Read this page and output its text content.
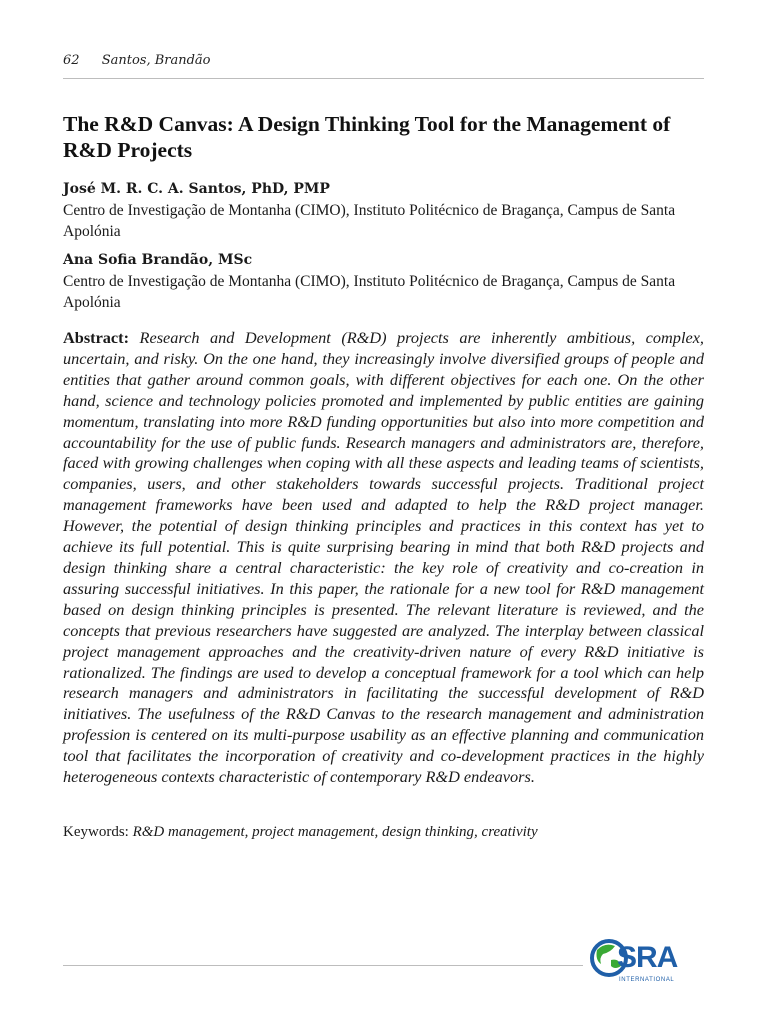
62 Santos, Brandão
The R&D Canvas: A Design Thinking Tool for the Management of R&D Projects
José M. R. C. A. Santos, PhD, PMP
Centro de Investigação de Montanha (CIMO), Instituto Politécnico de Bragança, Campus de Santa Apolónia
Ana Sofia Brandão, MSc
Centro de Investigação de Montanha (CIMO), Instituto Politécnico de Bragança, Campus de Santa Apolónia

Abstract: Research and Development (R&D) projects are inherently ambitious, complex, uncertain, and risky. On the one hand, they increasingly involve diversified groups of people and entities that gather around common goals, with different objectives for each one. On the other hand, science and technology policies promoted and implemented by public entities are gaining momentum, translating into more R&D funding opportunities but also into more competition and accountability for the use of public funds. Research managers and administrators are, therefore, faced with growing challenges when coping with all these aspects and leading teams of scientists, companies, users, and other stakeholders towards successful projects. Traditional project management frameworks have been used and adapted to help the R&D project manager. However, the potential of design thinking principles and practices in this context has yet to achieve its full potential. This is quite surprising bearing in mind that both R&D projects and design thinking share a central characteristic: the key role of creativity and co-creation in assuring successful initiatives. In this paper, the rationale for a new tool for R&D management based on design thinking principles is presented. The relevant literature is reviewed, and the concepts that previous researchers have suggested are analyzed. The interplay between classical project management approaches and the creativity-driven nature of every R&D initiative is rationalized. The findings are used to develop a conceptual framework for a tool which can help research managers and administrators in facilitating the successful development of R&D initiatives. The usefulness of the R&D Canvas to the research management and administration profession is centered on its multi-purpose usability as an effective planning and communication tool that facilitates the incorporation of creativity and co-development practices in the highly heterogeneous contexts characteristic of contemporary R&D endeavors.

Keywords: R&D management, project management, design thinking, creativity
SRA
INTERNATIONAL
